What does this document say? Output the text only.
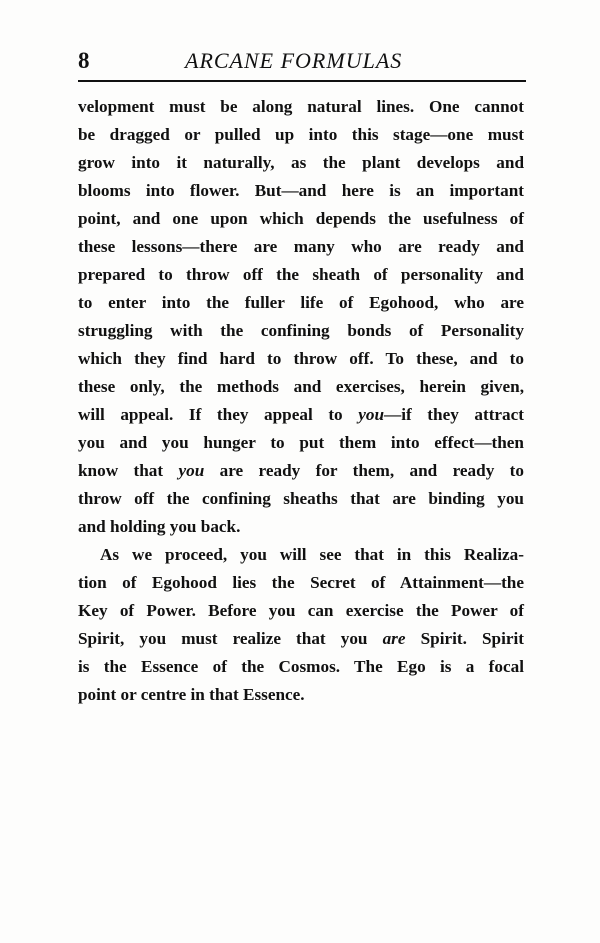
8	ARCANE FORMULAS
velopment must be along natural lines. One cannot
be dragged or pulled up into this stage—one must
grow into it naturally, as the plant develops and
blooms into flower. But—and here is an important
point, and one upon which depends the usefulness of
these lessons—there are many who are ready and
prepared to throw off the sheath of personality and
to enter into the fuller life of Egohood, who are
struggling with the confining bonds of Personality
which they find hard to throw off. To these, and to
these only, the methods and exercises, herein given,
will appeal. If they appeal to you—if they attract
you and you hunger to put them into effect—then
know that you are ready for them, and ready to
throw off the confining sheaths that are binding you
and holding you back.
As we proceed, you will see that in this Realiza-
tion of Egohood lies the Secret of Attainment—the
Key of Power. Before you can exercise the Power of
Spirit, you must realize that you are Spirit. Spirit
is the Essence of the Cosmos. The Ego is a focal
point or centre in that Essence.
